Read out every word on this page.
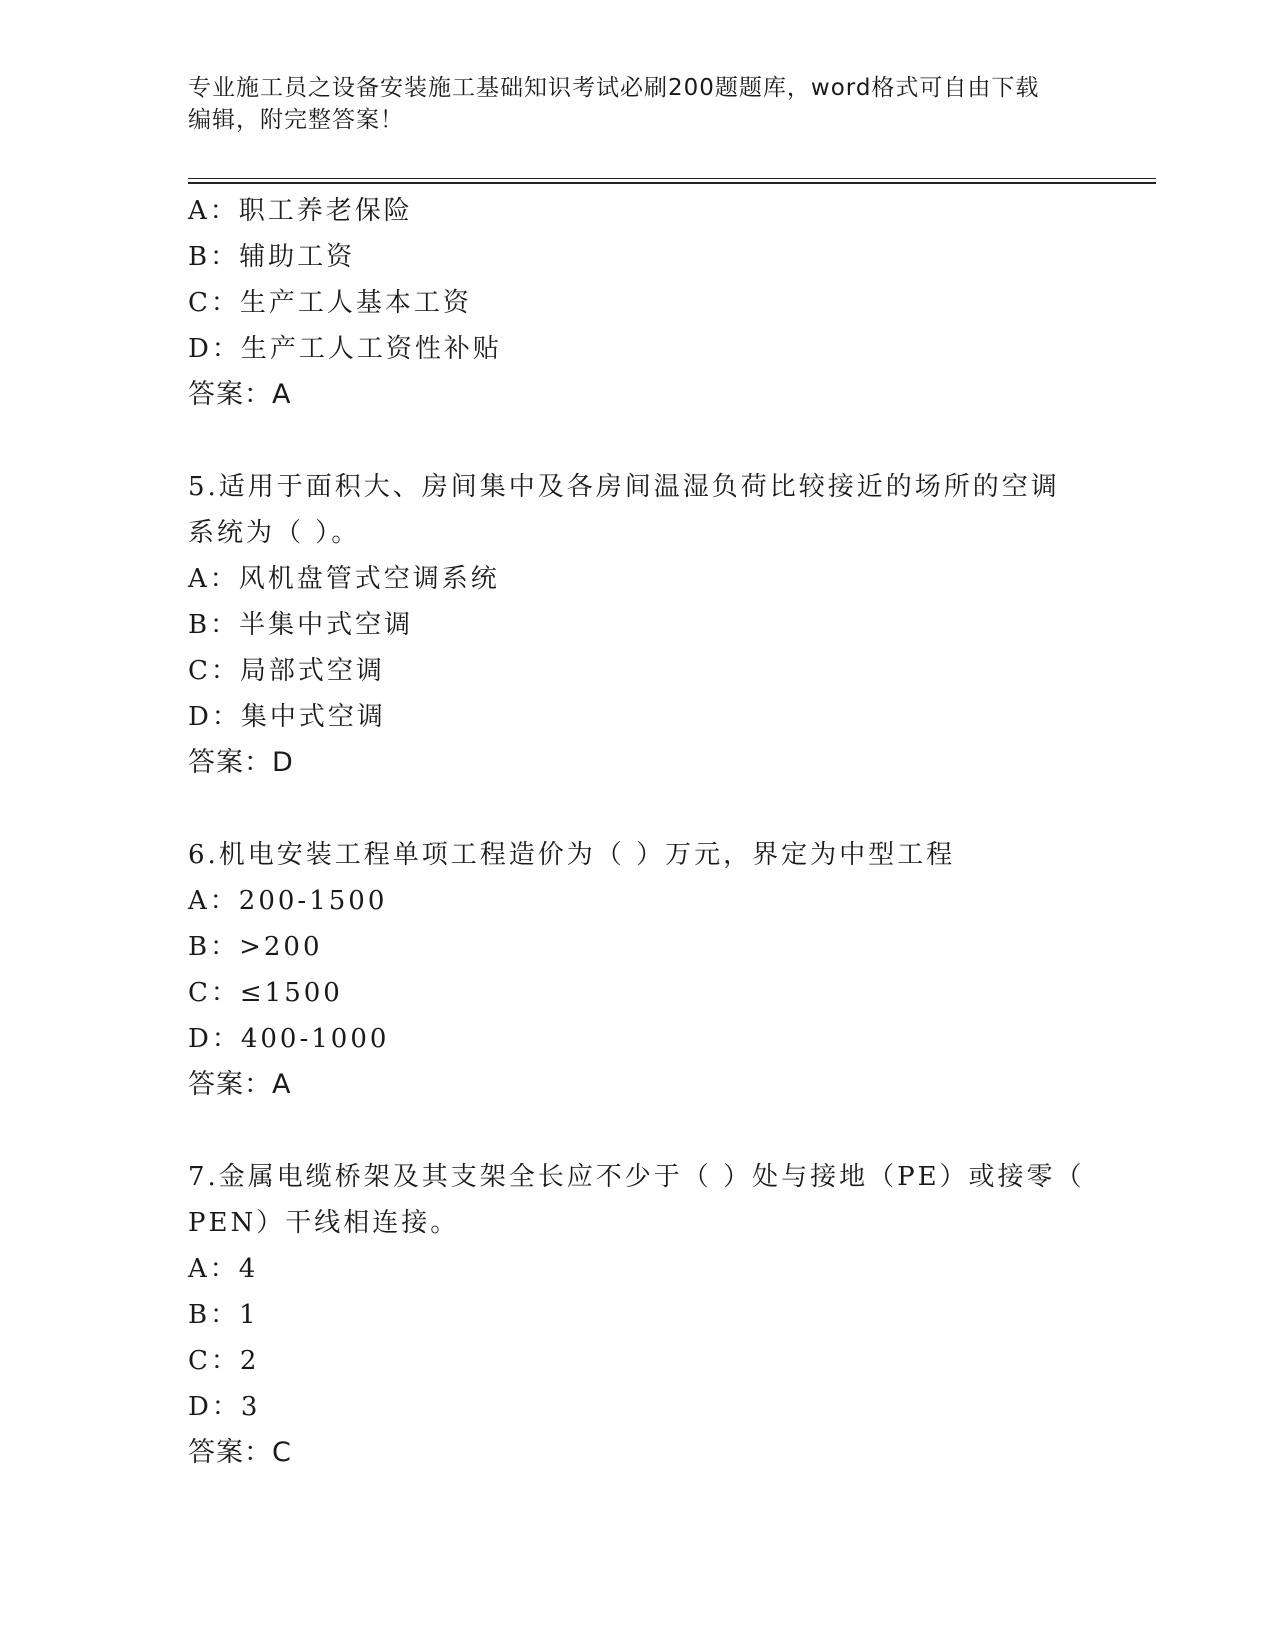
专业施工员之设备安装施工基础知识考试必刷200题题库，word格式可自由下载
编辑，附完整答案！
A：职工养老保险
B：辅助工资
C：生产工人基本工资
D：生产工人工资性补贴
答案：A
5.适用于面积大、房间集中及各房间温湿负荷比较接近的场所的空调
系统为（ ）。
A：风机盘管式空调系统
B：半集中式空调
C：局部式空调
D：集中式空调
答案：D
6.机电安装工程单项工程造价为（ ）万元，界定为中型工程
A：200-1500
B：>200
C：≤1500
D：400-1000
答案：A
7.金属电缆桥架及其支架全长应不少于（ ）处与接地（PE）或接零（
PEN）干线相连接。
A：4
B：1
C：2
D：3
答案：C
